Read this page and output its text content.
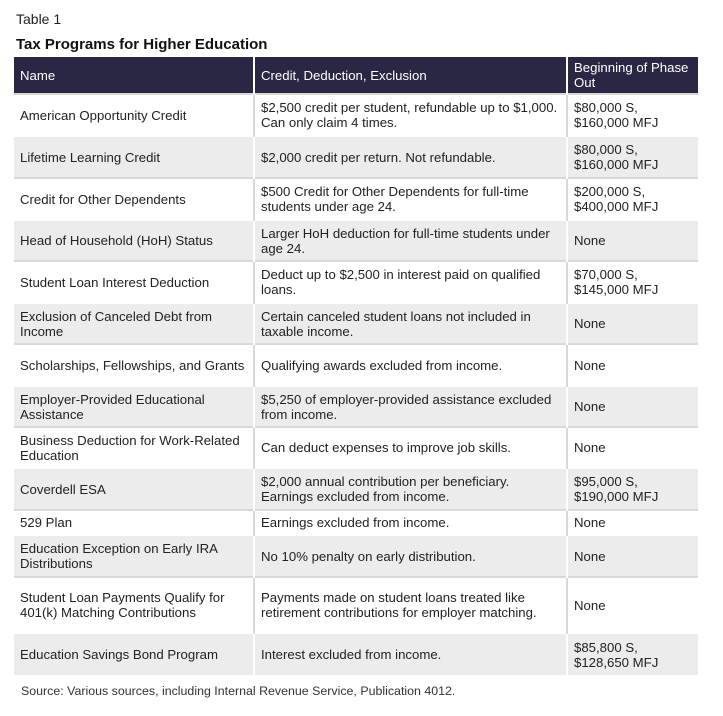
Table 1
Tax Programs for Higher Education
Name	Credit, Deduction, Exclusion	Beginning of Phase Out
American Opportunity Credit	$2,500 credit per student, refundable up to $1,000. Can only claim 4 times.	$80,000 S,
$160,000 MFJ
Lifetime Learning Credit	$2,000 credit per return. Not refundable.	$80,000 S,
$160,000 MFJ
Credit for Other Dependents	$500 Credit for Other Dependents for full-time students under age 24.	$200,000 S,
$400,000 MFJ
Head of Household (HoH) Status	Larger HoH deduction for full-time students under age 24.	None
Student Loan Interest Deduction	Deduct up to $2,500 in interest paid on qualified loans.	$70,000 S,
$145,000 MFJ
Exclusion of Canceled Debt from Income	Certain canceled student loans not included in taxable income.	None
Scholarships, Fellowships, and Grants	Qualifying awards excluded from income.	None
Employer-Provided Educational Assistance	$5,250 of employer-provided assistance excluded from income.	None
Business Deduction for Work-Related Education	Can deduct expenses to improve job skills.	None
Coverdell ESA	$2,000 annual contribution per beneficiary. Earnings excluded from income.	$95,000 S,
$190,000 MFJ
529 Plan	Earnings excluded from income.	None
Education Exception on Early IRA Distributions	No 10% penalty on early distribution.	None
Student Loan Payments Qualify for 401(k) Matching Contributions	Payments made on student loans treated like retirement contributions for employer matching.	None
Education Savings Bond Program	Interest excluded from income.	$85,800 S,
$128,650 MFJ
Source: Various sources, including Internal Revenue Service, Publication 4012.
